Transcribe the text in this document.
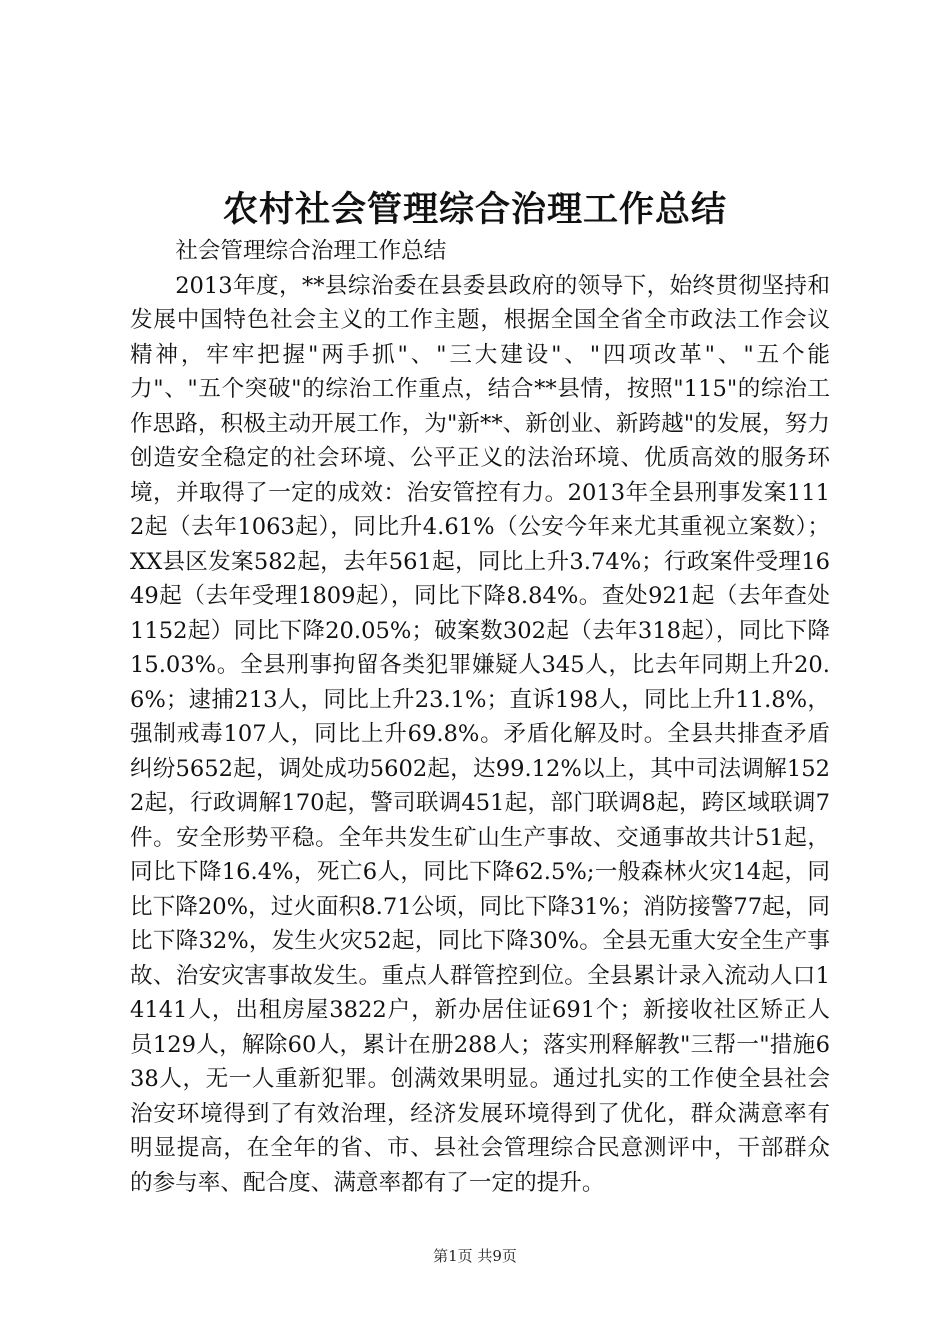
农村社会管理综合治理工作总结

社会管理综合治理工作总结

2013年度，**县综治委在县委县政府的领导下，始终贯彻坚持和发展中国特色社会主义的工作主题，根据全国全省全市政法工作会议精神，牢牢把握"两手抓"、"三大建设"、"四项改革"、"五个能力"、"五个突破"的综治工作重点，结合**县情，按照"115"的综治工作思路，积极主动开展工作，为"新**、新创业、新跨越"的发展，努力创造安全稳定的社会环境、公平正义的法治环境、优质高效的服务环境，并取得了一定的成效：治安管控有力。2013年全县刑事发案1112起（去年1063起），同比升4.61%（公安今年来尤其重视立案数）；XX县区发案582起，去年561起，同比上升3.74%；行政案件受理1649起（去年受理1809起），同比下降8.84%。查处921起（去年查处1152起）同比下降20.05%；破案数302起（去年318起），同比下降15.03%。全县刑事拘留各类犯罪嫌疑人345人，比去年同期上升20.6%；逮捕213人，同比上升23.1%；直诉198人，同比上升11.8%，强制戒毒107人，同比上升69.8%。矛盾化解及时。全县共排查矛盾纠纷5652起，调处成功5602起，达99.12%以上，其中司法调解1522起，行政调解170起，警司联调451起，部门联调8起，跨区域联调7件。安全形势平稳。全年共发生矿山生产事故、交通事故共计51起，同比下降16.4%，死亡6人，同比下降62.5%;一般森林火灾14起，同比下降20%，过火面积8.71公顷，同比下降31%；消防接警77起，同比下降32%，发生火灾52起，同比下降30%。全县无重大安全生产事故、治安灾害事故发生。重点人群管控到位。全县累计录入流动人口14141人，出租房屋3822户，新办居住证691个；新接收社区矫正人员129人，解除60人，累计在册288人；落实刑释解教"三帮一"措施638人，无一人重新犯罪。创满效果明显。通过扎实的工作使全县社会治安环境得到了有效治理，经济发展环境得到了优化，群众满意率有明显提高，在全年的省、市、县社会管理综合民意测评中，干部群众的参与率、配合度、满意率都有了一定的提升。

第1页 共9页
